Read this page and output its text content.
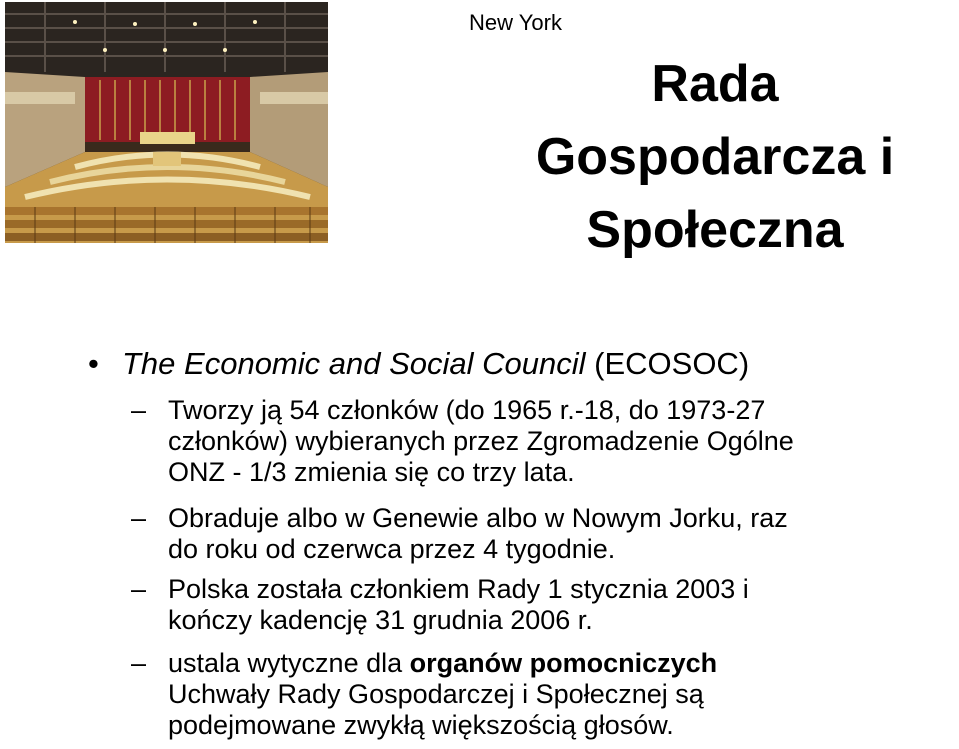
New York
Rada
Gospodarcza i
Społeczna
• The Economic and Social Council (ECOSOC)
– Tworzy ją 54 członków (do 1965 r.-18, do 1973-27
członków) wybieranych przez Zgromadzenie Ogólne
ONZ - 1/3 zmienia się co trzy lata.
– Obraduje albo w Genewie albo w Nowym Jorku, raz
do roku od czerwca przez 4 tygodnie.
– Polska została członkiem Rady 1 stycznia 2003 i
kończy kadencję 31 grudnia 2006 r.
– ustala wytyczne dla organów pomocniczych
Uchwały Rady Gospodarczej i Społecznej są
podejmowane zwykłą większością głosów.
